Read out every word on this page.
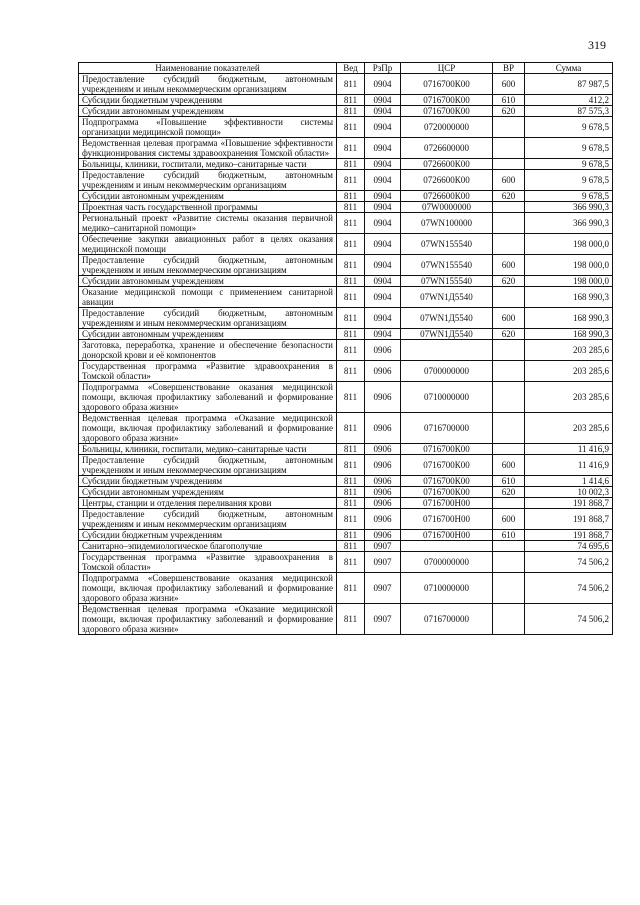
319
Наименование показателей	Вед	РзПр	ЦСР	ВР	Сумма
Предоставление субсидий бюджетным, автономным учреждениям и иным некоммерческим организациям	811	0904	0716700К00	600	87 987,5
Субсидии бюджетным учреждениям	811	0904	0716700К00	610	412,2
Субсидии автономным учреждениям	811	0904	0716700К00	620	87 575,3
Подпрограмма «Повышение эффективности системы организации медицинской помощи»	811	0904	0720000000		9 678,5
Ведомственная целевая программа «Повышение эффективности функционирования системы здравоохранения Томской области»	811	0904	0726600000		9 678,5
Больницы, клиники, госпитали, медико–санитарные части	811	0904	0726600К00		9 678,5
Предоставление субсидий бюджетным, автономным учреждениям и иным некоммерческим организациям	811	0904	0726600К00	600	9 678,5
Субсидии автономным учреждениям	811	0904	0726600К00	620	9 678,5
Проектная часть государственной программы	811	0904	07W0000000		366 990,3
Региональный проект «Развитие системы оказания первичной медико–санитарной помощи»	811	0904	07WN100000		366 990,3
Обеспечение закупки авиационных работ в целях оказания медицинской помощи	811	0904	07WN155540		198 000,0
Предоставление субсидий бюджетным, автономным учреждениям и иным некоммерческим организациям	811	0904	07WN155540	600	198 000,0
Субсидии автономным учреждениям	811	0904	07WN155540	620	198 000,0
Оказание медицинской помощи с применением санитарной авиации	811	0904	07WN1Д5540		168 990,3
Предоставление субсидий бюджетным, автономным учреждениям и иным некоммерческим организациям	811	0904	07WN1Д5540	600	168 990,3
Субсидии автономным учреждениям	811	0904	07WN1Д5540	620	168 990,3
Заготовка, переработка, хранение и обеспечение безопасности донорской крови и её компонентов	811	0906			203 285,6
Государственная программа «Развитие здравоохранения в Томской области»	811	0906	0700000000		203 285,6
Подпрограмма «Совершенствование оказания медицинской помощи, включая профилактику заболеваний и формирование здорового образа жизни»	811	0906	0710000000		203 285,6
Ведомственная целевая программа «Оказание медицинской помощи, включая профилактику заболеваний и формирование здорового образа жизни»	811	0906	0716700000		203 285,6
Больницы, клиники, госпитали, медико–санитарные части	811	0906	0716700К00		11 416,9
Предоставление субсидий бюджетным, автономным учреждениям и иным некоммерческим организациям	811	0906	0716700К00	600	11 416,9
Субсидии бюджетным учреждениям	811	0906	0716700К00	610	1 414,6
Субсидии автономным учреждениям	811	0906	0716700К00	620	10 002,3
Центры, станции и отделения переливания крови	811	0906	0716700Н00		191 868,7
Предоставление субсидий бюджетным, автономным учреждениям и иным некоммерческим организациям	811	0906	0716700Н00	600	191 868,7
Субсидии бюджетным учреждениям	811	0906	0716700Н00	610	191 868,7
Санитарно–эпидемиологическое благополучие	811	0907			74 695,6
Государственная программа «Развитие здравоохранения в Томской области»	811	0907	0700000000		74 506,2
Подпрограмма «Совершенствование оказания медицинской помощи, включая профилактику заболеваний и формирование здорового образа жизни»	811	0907	0710000000		74 506,2
Ведомственная целевая программа «Оказание медицинской помощи, включая профилактику заболеваний и формирование здорового образа жизни»	811	0907	0716700000		74 506,2
